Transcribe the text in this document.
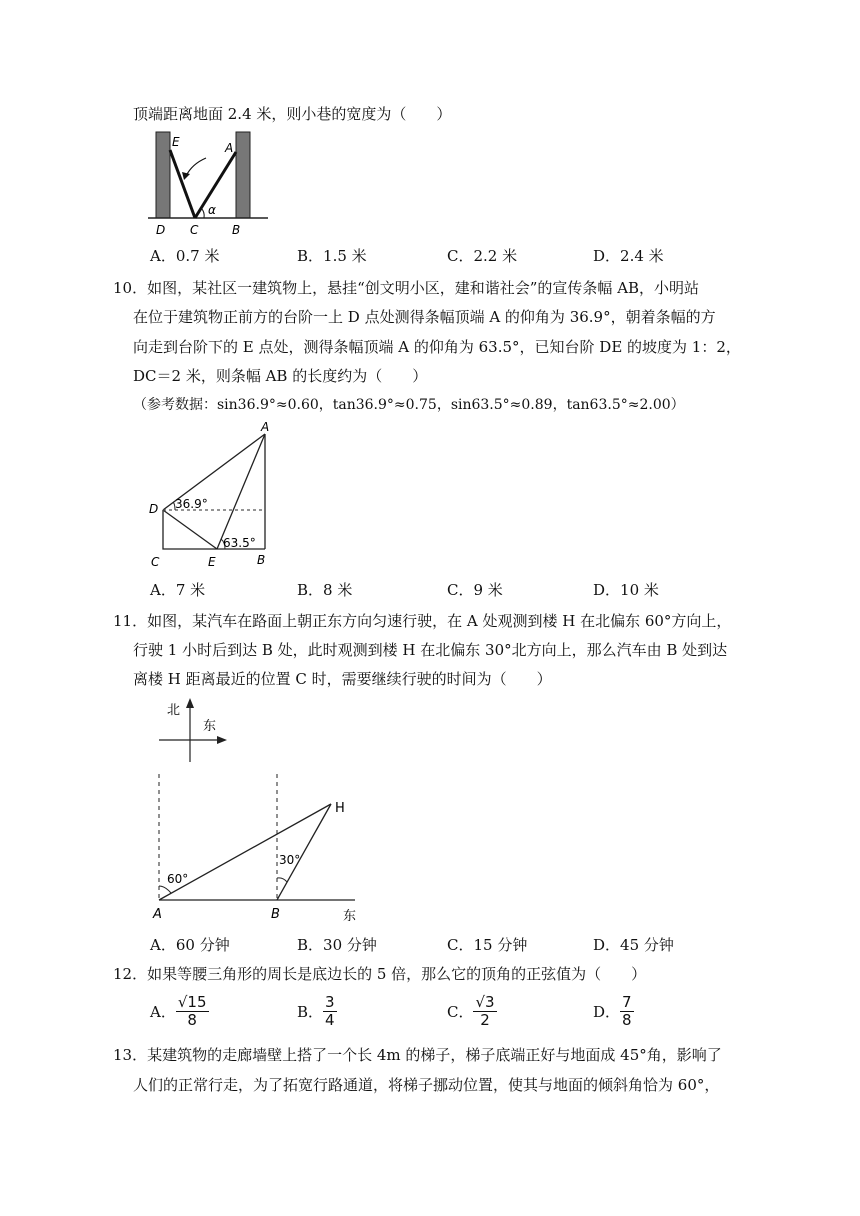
顶端距离地面 2.4 米，则小巷的宽度为（　　）
E	A
D C	B
α
A．0.7 米	B．1.5 米	C．2.2 米	D．2.4 米
10．如图，某社区一建筑物上，悬挂“创文明小区，建和谐社会”的宣传条幅 AB，小明站
在位于建筑物正前方的台阶一上 D 点处测得条幅顶端 A 的仰角为 36.9°，朝着条幅的方
向走到台阶下的 E 点处，测得条幅顶端 A 的仰角为 63.5°，已知台阶 DE 的坡度为 1：2，
DC＝2 米，则条幅 AB 的长度约为（　　）
（参考数据：sin36.9°≈0.60，tan36.9°≈0.75，sin63.5°≈0.89，tan63.5°≈2.00）
A
D 36.9°
C	E
63.5°
B
A．7 米	B．8 米	C．9 米	D．10 米
11．如图，某汽车在路面上朝正东方向匀速行驶，在 A 处观测到楼 H 在北偏东 60°方向上，
行驶 1 小时后到达 B 处，此时观测到楼 H 在北偏东 30°北方向上，那么汽车由 B 处到达
离楼 H 距离最近的位置 C 时，需要继续行驶的时间为（　　）
北
东
H
60°
30°
A	B	东
A．60 分钟	B．30 分钟	C．15 分钟	D．45 分钟
12．如果等腰三角形的周长是底边长的 5 倍，那么它的顶角的正弦值为（　　）
A． $\frac{√15}{8}$	B． $\frac{3}{4}$	C． $\frac{√3}{2}$	D． $\frac{7}{8}$
13．某建筑物的走廊墙壁上搭了一个长 4m 的梯子，梯子底端正好与地面成 45°角，影响了
人们的正常行走，为了拓宽行路通道，将梯子挪动位置，使其与地面的倾斜角恰为 60°，
